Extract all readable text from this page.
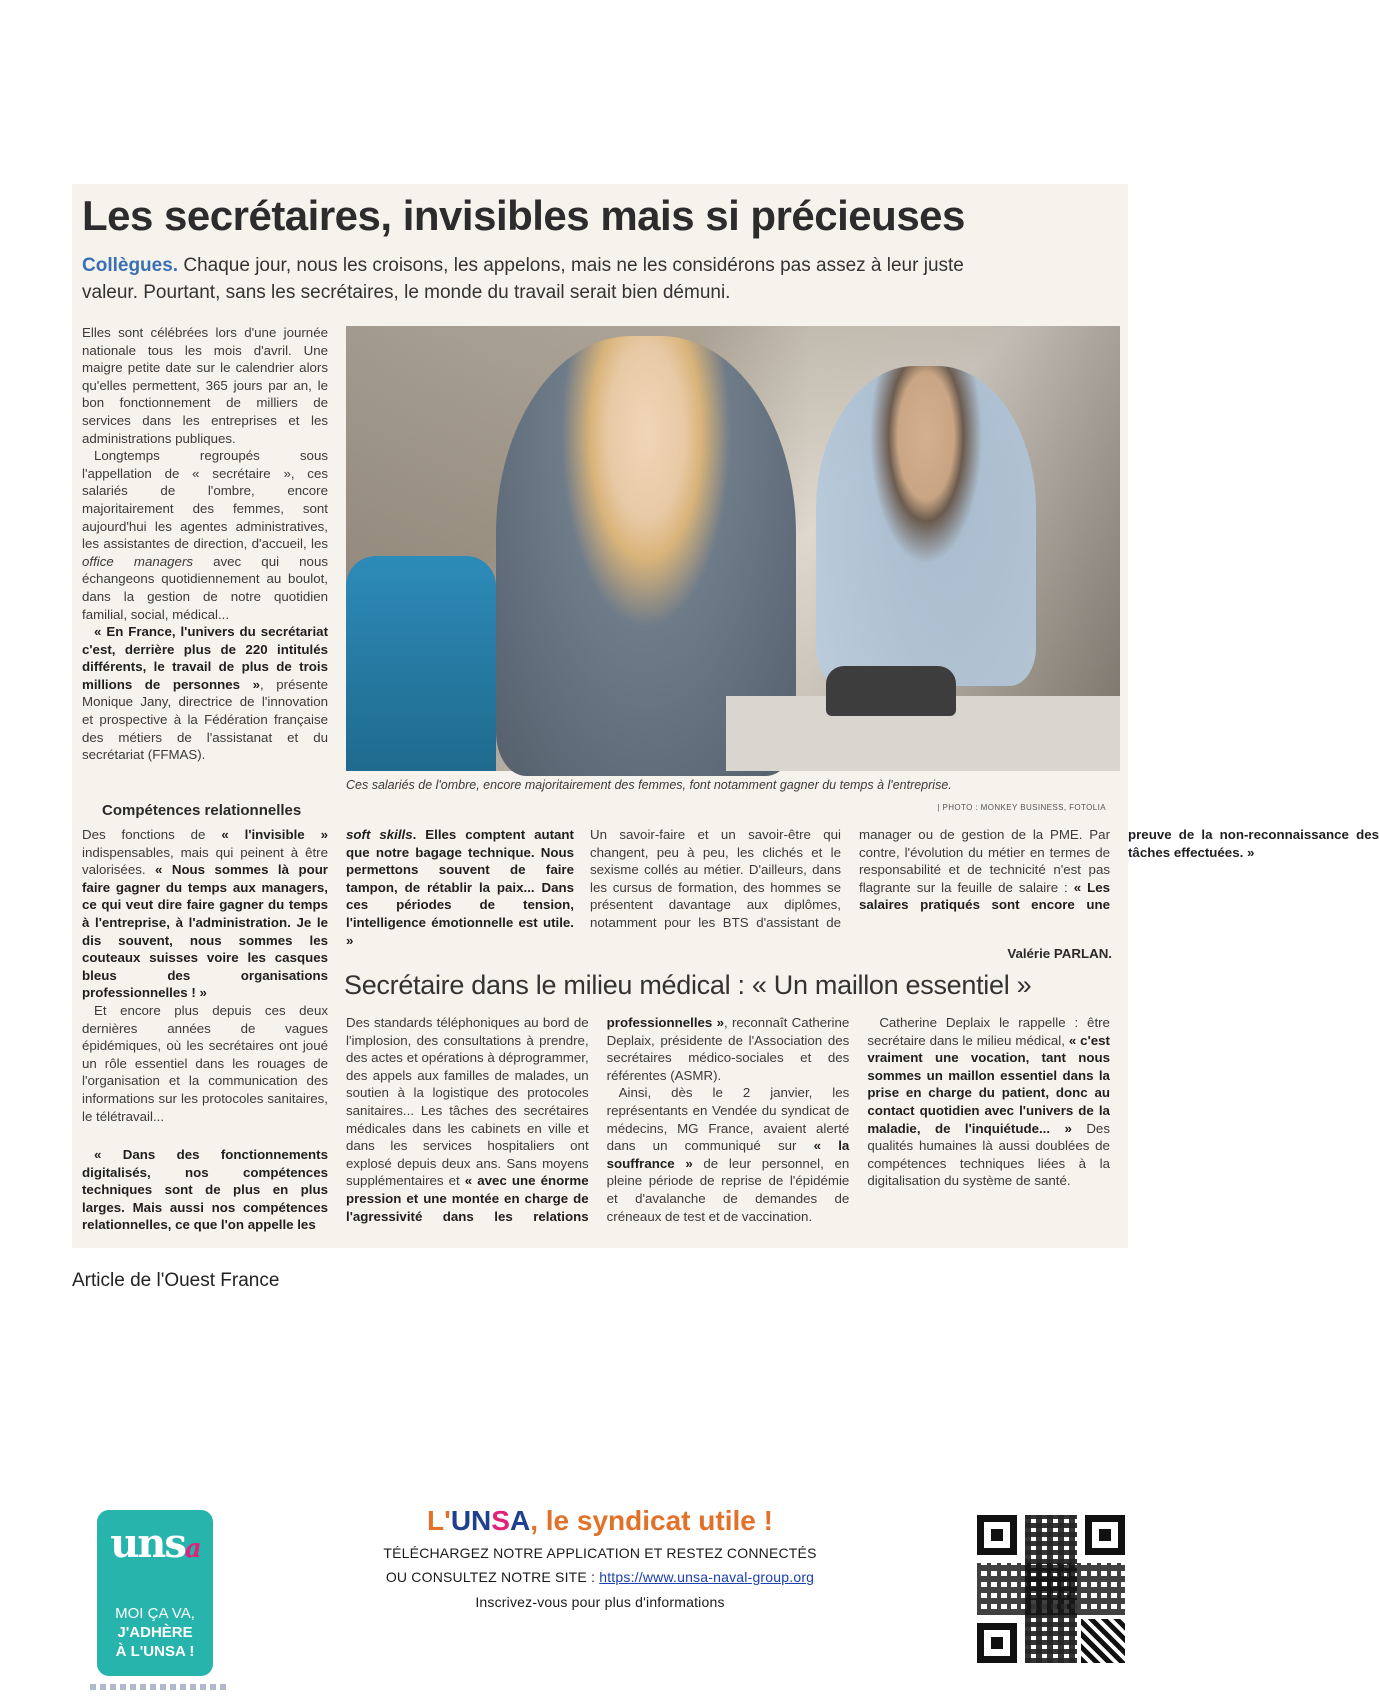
Les secrétaires, invisibles mais si précieuses
Collègues. Chaque jour, nous les croisons, les appelons, mais ne les considérons pas assez à leur juste valeur. Pourtant, sans les secrétaires, le monde du travail serait bien démuni.

Elles sont célébrées lors d'une journée nationale tous les mois d'avril. Une maigre petite date sur le calendrier alors qu'elles permettent, 365 jours par an, le bon fonctionnement de milliers de services dans les entreprises et les administrations publiques.

Longtemps regroupés sous l'appellation de « secrétaire », ces salariés de l'ombre, encore majoritairement des femmes, sont aujourd'hui les agentes administratives, les assistantes de direction, d'accueil, les office managers avec qui nous échangeons quotidiennement au boulot, dans la gestion de notre quotidien familial, social, médical...

« En France, l'univers du secrétariat c'est, derrière plus de 220 intitulés différents, le travail de plus de trois millions de personnes », présente Monique Jany, directrice de l'innovation et prospective à la Fédération française des métiers de l'assistanat et du secrétariat (FFMAS).

Ces salariés de l'ombre, encore majoritairement des femmes, font notamment gagner du temps à l'entreprise.
| PHOTO : MONKEY BUSINESS, FOTOLIA
Compétences relationnelles

Des fonctions de « l'invisible » indispensables, mais qui peinent à être valorisées. « Nous sommes là pour faire gagner du temps aux managers, ce qui veut dire faire gagner du temps à l'entreprise, à l'administration. Je le dis souvent, nous sommes les couteaux suisses voire les casques bleus des organisations professionnelles ! »

Et encore plus depuis ces deux dernières années de vagues épidémiques, où les secrétaires ont joué un rôle essentiel dans les rouages de l'organisation et la communication des informations sur les protocoles sanitaires, le télétravail...

« Dans des fonctionnements digitalisés, nos compétences techniques sont de plus en plus larges. Mais aussi nos compétences relationnelles, ce que l'on appelle les

soft skills. Elles comptent autant que notre bagage technique. Nous permettons souvent de faire tampon, de rétablir la paix... Dans ces périodes de tension, l'intelligence émotionnelle est utile. »

Un savoir-faire et un savoir-être qui changent, peu à peu, les clichés et le sexisme collés au métier. D'ailleurs, dans les cursus de formation, des hommes se présentent davantage aux diplômes, notamment pour les BTS d'assistant de manager ou de gestion de la PME. Par contre, l'évolution du métier en termes de responsabilité et de technicité n'est pas flagrante sur la feuille de salaire : « Les salaires pratiqués sont encore une preuve de la non-reconnaissance des tâches effectuées. »

Valérie PARLAN.
Secrétaire dans le milieu médical : « Un maillon essentiel »

Des standards téléphoniques au bord de l'implosion, des consultations à prendre, des actes et opérations à déprogrammer, des appels aux familles de malades, un soutien à la logistique des protocoles sanitaires... Les tâches des secrétaires médicales dans les cabinets en ville et dans les services hospitaliers ont explosé depuis deux ans. Sans moyens supplémentaires et « avec une énorme pression et une montée en charge de l'agressivité dans les relations professionnelles », reconnaît Catherine Deplaix, présidente de l'Association des secrétaires médico-sociales et des référentes (ASMR).

Ainsi, dès le 2 janvier, les représentants en Vendée du syndicat de médecins, MG France, avaient alerté dans un communiqué sur « la souffrance » de leur personnel, en pleine période de reprise de l'épidémie et d'avalanche de demandes de créneaux de test et de vaccination.

Catherine Deplaix le rappelle : être secrétaire dans le milieu médical, « c'est vraiment une vocation, tant nous sommes un maillon essentiel dans la prise en charge du patient, donc au contact quotidien avec l'univers de la maladie, de l'inquiétude... » Des qualités humaines là aussi doublées de compétences techniques liées à la digitalisation du système de santé.

Article de l'Ouest France
unsa
MOI ÇA VA,
J'ADHÈRE
À L'UNSA !
L'UNSA, le syndicat utile !
TÉLÉCHARGEZ NOTRE APPLICATION ET RESTEZ CONNECTÉS
OU CONSULTEZ NOTRE SITE : https://www.unsa-naval-group.org
Inscrivez-vous pour plus d'informations
